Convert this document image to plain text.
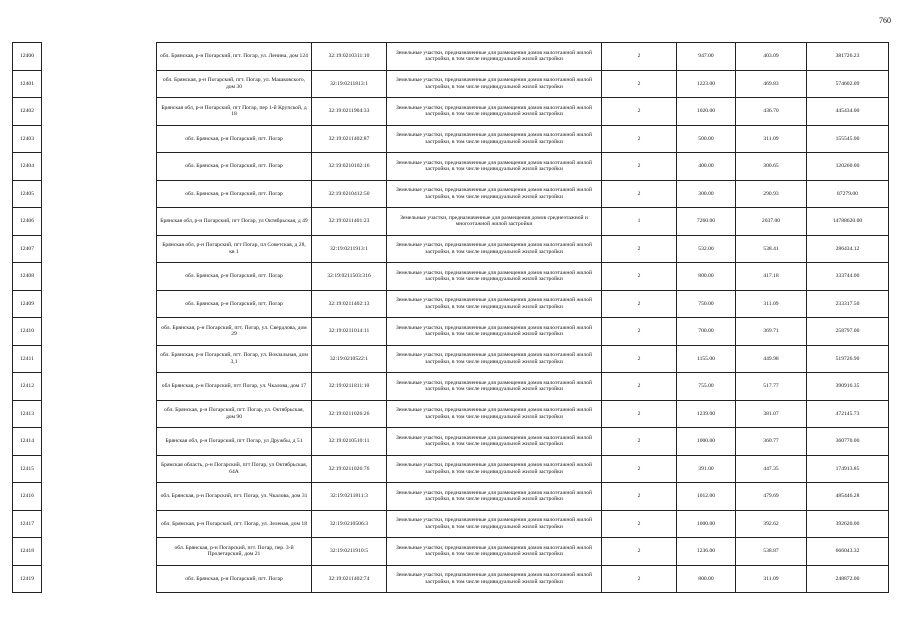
760
12400		обл. Брянская, р-н Погарский, пгт. Погар, ул. Ленина, дом 124	32:19:0210311:10	Земельные участки, предназначенные для размещения домов малоэтажной жилой застройки, в том числе индивидуальной жилой застройки	2	947.00	403.09	381726.23
12401		обл. Брянская, р-н Погарский, пгт. Погар, ул. Машковского, дом 30	32:19:0211813:1	Земельные участки, предназначенные для размещения домов малоэтажной жилой застройки, в том числе индивидуальной жилой застройки	2	1223.00	469.83	574602.09
12402		Брянская обл, р-н Погарский, пгт Погар, пер 1-й Крупской, д 18	32:19:0211904:33	Земельные участки, предназначенные для размещения домов малоэтажной жилой застройки, в том числе индивидуальной жилой застройки	2	1020.00	436.70	445434.00
12403		обл. Брянская, р-н Погарский, пгт. Погар	32:19:0211402:87	Земельные участки, предназначенные для размещения домов малоэтажной жилой застройки, в том числе индивидуальной жилой застройки	2	500.00	311.09	155545.00
12404		обл. Брянская, р-н Погарский, пгт. Погар	32:19:0210102:16	Земельные участки, предназначенные для размещения домов малоэтажной жилой застройки, в том числе индивидуальной жилой застройки	2	400.00	300.65	120260.00
12405		обл. Брянская, р-н Погарский, пгт. Погар	32:19:0210412:50	Земельные участки, предназначенные для размещения домов малоэтажной жилой застройки, в том числе индивидуальной жилой застройки	2	300.00	290.93	87279.00
12406		Брянская обл, р-н Погарский, пгт Погар, ул Октябрьская, д 49	32:19:0211401:23	Земельные участки, предназначенные для размещения домов среднеэтажной и многоэтажной жилой застройки	1	7260.00	2037.00	14788620.00
12407		Брянская обл, р-н Погарский, пгт Погар, пл Советская, д 28, кв 1	32:19:0211913:1	Земельные участки, предназначенные для размещения домов малоэтажной жилой застройки, в том числе индивидуальной жилой застройки	2	532.00	538.41	286434.12
12408		обл. Брянская, р-н Погарский, пгт. Погар	32:19:0211503:316	Земельные участки, предназначенные для размещения домов малоэтажной жилой застройки, в том числе индивидуальной жилой застройки	2	800.00	417.18	333744.00
12409		обл. Брянская, р-н Погарский, пгт. Погар	32:19:0211402:13	Земельные участки, предназначенные для размещения домов малоэтажной жилой застройки, в том числе индивидуальной жилой застройки	2	750.00	311.09	233317.50
12410		обл. Брянская, р-н Погарский, пгт. Погар, ул. Свердлова, дом 29	32:19:0211014:11	Земельные участки, предназначенные для размещения домов малоэтажной жилой застройки, в том числе индивидуальной жилой застройки	2	700.00	369.71	258797.00
12411		обл. Брянская, р-н Погарский, пгт. Погар, ул. Вокзальная, дом 3,1	32:19:0210522:1	Земельные участки, предназначенные для размещения домов малоэтажной жилой застройки, в том числе индивидуальной жилой застройки	2	1155.00	449.98	519726.90
12412		обл Брянская, р-н Погарский, пгт Погар, ул. Чкалова, дом 17	32:19:0211811:10	Земельные участки, предназначенные для размещения домов малоэтажной жилой застройки, в том числе индивидуальной жилой застройки	2	755.00	517.77	390916.35
12413		обл. Брянская, р-н Погарский, пгт. Погар, ул. Октябрьская, дом 90	32:19:0211026:26	Земельные участки, предназначенные для размещения домов малоэтажной жилой застройки, в том числе индивидуальной жилой застройки	2	1239.00	381.07	472145.73
12414		Брянская обл, р-н Погарский, пгт Погар, ул Дружбы, д 51	32:19:0210510:11	Земельные участки, предназначенные для размещения домов малоэтажной жилой застройки, в том числе индивидуальной жилой застройки	2	1000.00	360.77	360770.00
12415		Брянская область, р-н Погарский, пгт Погар, ул Октябрьская, 64А	32:19:0211026:76	Земельные участки, предназначенные для размещения домов малоэтажной жилой застройки, в том числе индивидуальной жилой застройки	2	391.00	447.35	174913.85
12416		обл. Брянская, р-н Погарский, пгт. Погар, ул. Чкалова, дом 31	32:19:0211811:3	Земельные участки, предназначенные для размещения домов малоэтажной жилой застройки, в том числе индивидуальной жилой застройки	2	1012.00	479.69	485446.28
12417		обл. Брянская, р-н Погарский, пгт. Погар, ул. Зеленая, дом 18	32:19:0210506:3	Земельные участки, предназначенные для размещения домов малоэтажной жилой застройки, в том числе индивидуальной жилой застройки	2	1000.00	392.62	392620.00
12418		обл. Брянская, р-н Погарский, пгт. Погар, пер. 3-й Пролетарский, дом 21	32:19:0211910:5	Земельные участки, предназначенные для размещения домов малоэтажной жилой застройки, в том числе индивидуальной жилой застройки	2	1236.00	538.87	666043.32
12419		обл. Брянская, р-н Погарский, пгт. Погар	32:19:0211402:74	Земельные участки, предназначенные для размещения домов малоэтажной жилой застройки, в том числе индивидуальной жилой застройки	2	800.00	311.09	248872.00
